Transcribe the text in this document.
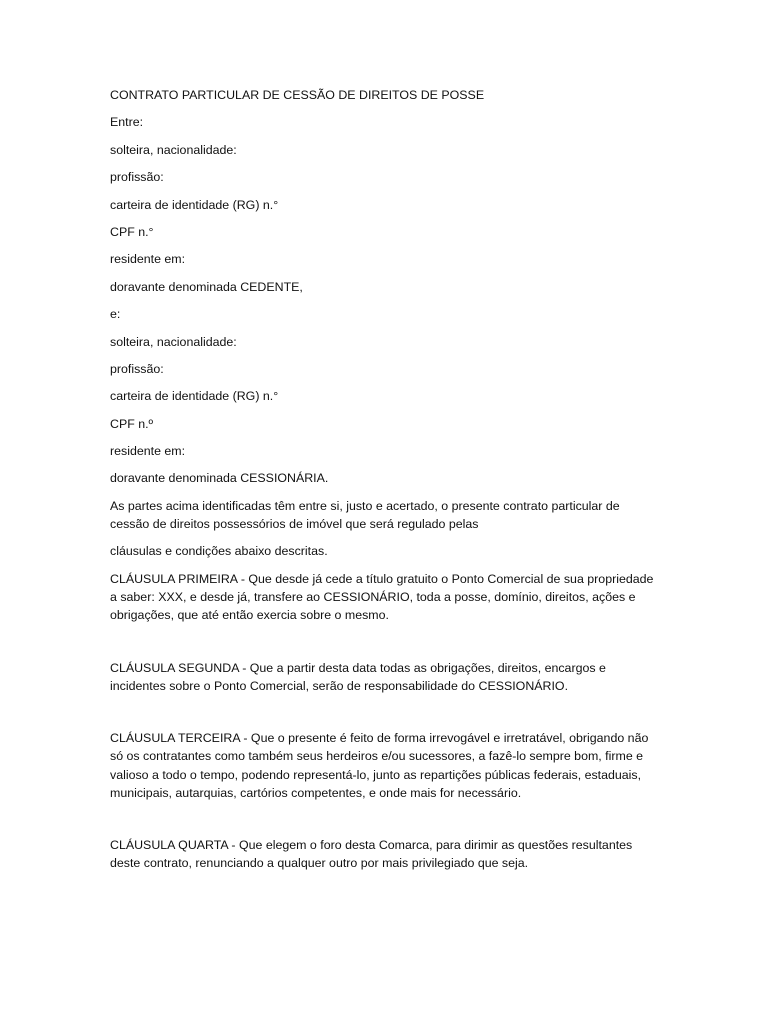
CONTRATO PARTICULAR DE CESSÃO DE DIREITOS DE POSSE
Entre:
solteira, nacionalidade:
profissão:
carteira de identidade (RG) n.°
CPF n.°
residente em:
doravante denominada CEDENTE,
e:
solteira, nacionalidade:
profissão:
carteira de identidade (RG) n.°
CPF n.º
residente em:
doravante denominada CESSIONÁRIA.
As partes acima identificadas têm entre si, justo e acertado, o presente contrato particular de cessão de direitos possessórios de imóvel que será regulado pelas
cláusulas e condições abaixo descritas.
CLÁUSULA PRIMEIRA - Que desde já cede a título gratuito o Ponto Comercial de sua propriedade a saber: XXX, e desde já, transfere ao CESSIONÁRIO, toda a posse, domínio, direitos, ações e obrigações, que até então exercia sobre o mesmo.
CLÁUSULA SEGUNDA - Que a partir desta data todas as obrigações, direitos, encargos e incidentes sobre o Ponto Comercial, serão de responsabilidade do CESSIONÁRIO.
CLÁUSULA TERCEIRA - Que o presente é feito de forma irrevogável e irretratável, obrigando não só os contratantes como também seus herdeiros e/ou sucessores, a fazê-lo sempre bom, firme e valioso a todo o tempo, podendo representá-lo, junto as repartições públicas federais, estaduais, municipais, autarquias, cartórios competentes, e onde mais for necessário.
CLÁUSULA QUARTA - Que elegem o foro desta Comarca, para dirimir as questões resultantes deste contrato, renunciando a qualquer outro por mais privilegiado que seja.
